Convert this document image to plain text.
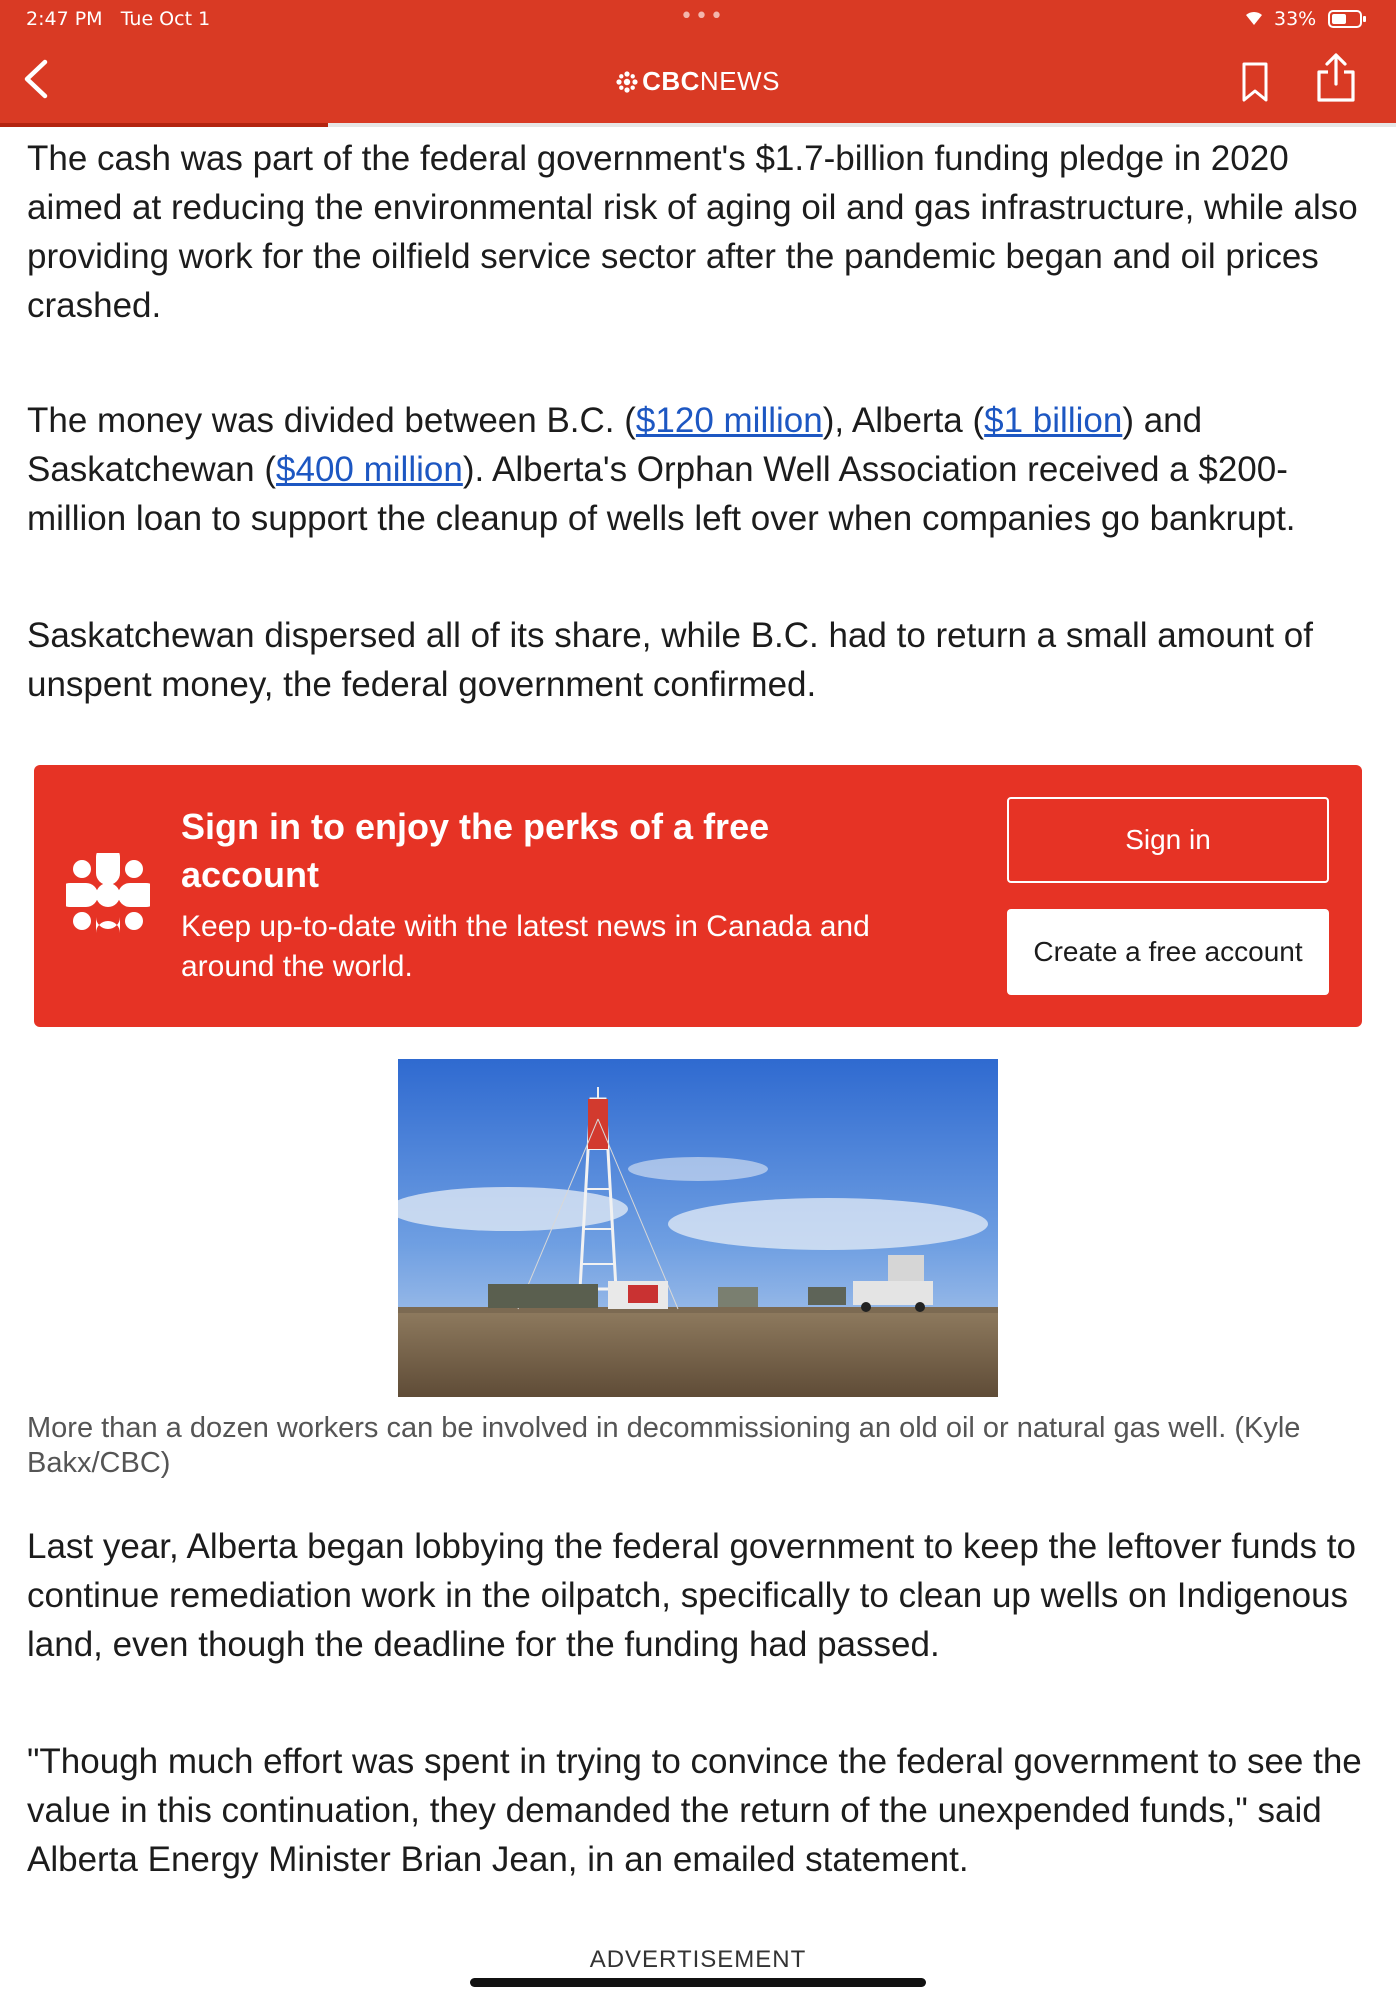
2:47 PM Tue Oct 1	•••	33%
CBCNEWS

The cash was part of the federal government's $1.7-billion funding pledge in 2020 aimed at reducing the environmental risk of aging oil and gas infrastructure, while also providing work for the oilfield service sector after the pandemic began and oil prices crashed.

The money was divided between B.C. ($120 million), Alberta ($1 billion) and Saskatchewan ($400 million). Alberta's Orphan Well Association received a $200-million loan to support the cleanup of wells left over when companies go bankrupt.

Saskatchewan dispersed all of its share, while B.C. had to return a small amount of unspent money, the federal government confirmed.

Sign in to enjoy the perks of a free account

Keep up-to-date with the latest news in Canada and around the world.

Sign in
Create a free account

More than a dozen workers can be involved in decommissioning an old oil or natural gas well. (Kyle Bakx/CBC)

Last year, Alberta began lobbying the federal government to keep the leftover funds to continue remediation work in the oilpatch, specifically to clean up wells on Indigenous land, even though the deadline for the funding had passed.

"Though much effort was spent in trying to convince the federal government to see the value in this continuation, they demanded the return of the unexpended funds," said Alberta Energy Minister Brian Jean, in an emailed statement.

ADVERTISEMENT
